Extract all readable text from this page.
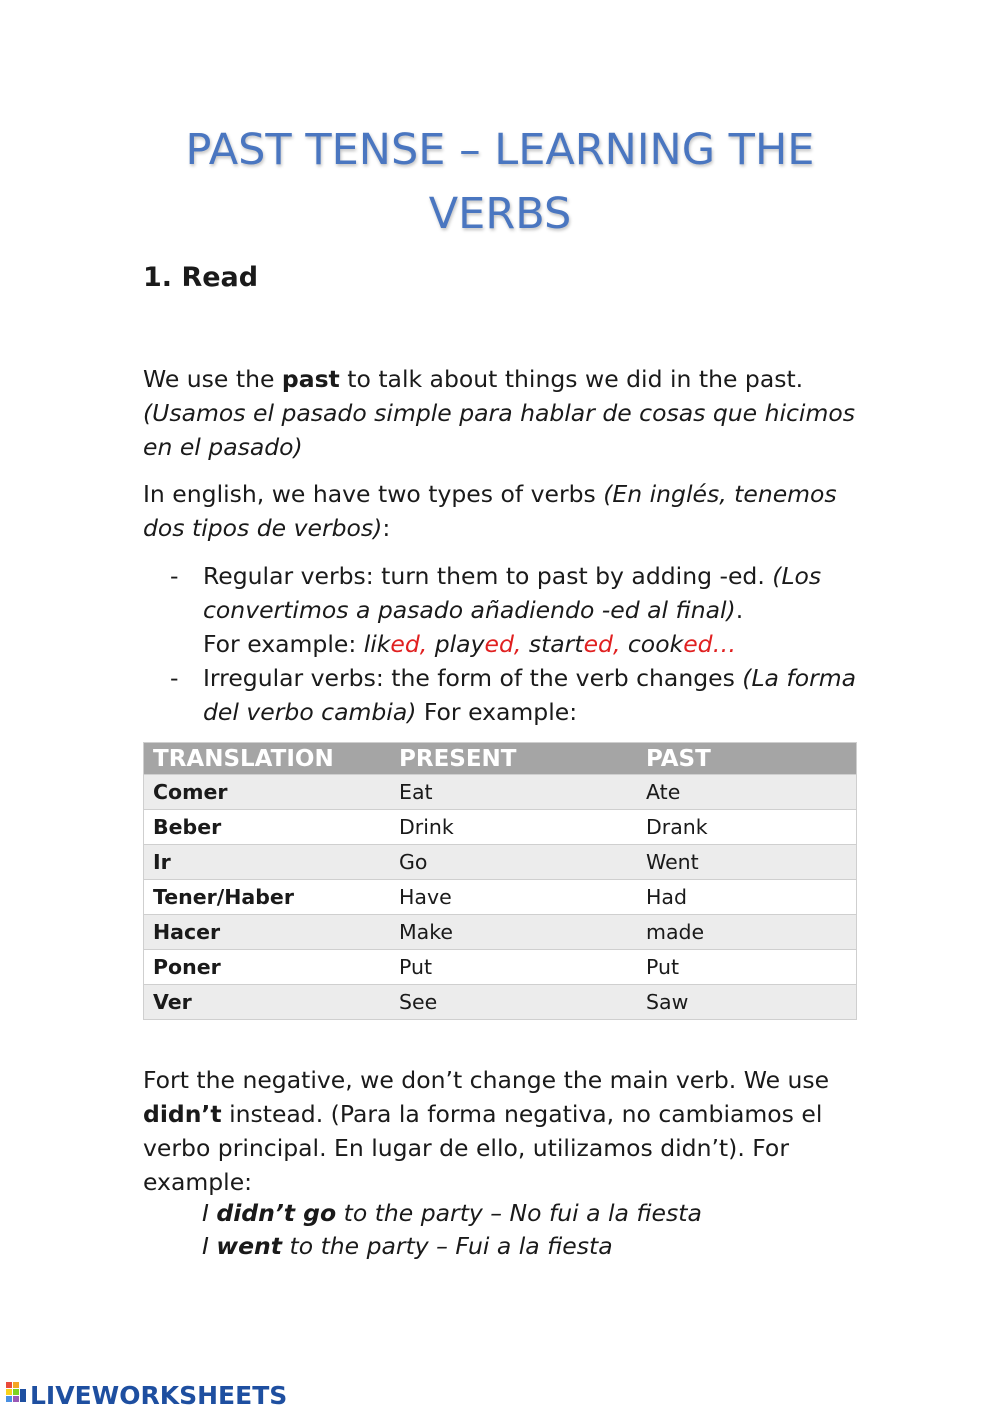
PAST TENSE – LEARNING THE
VERBS
1. Read
We use the past to talk about things we did in the past. (Usamos el pasado simple para hablar de cosas que hicimos en el pasado)
In english, we have two types of verbs (En inglés, tenemos dos tipos de verbos):
- Regular verbs: turn them to past by adding -ed. (Los convertimos a pasado añadiendo -ed al final).
For example: liked, played, started, cooked…
- Irregular verbs: the form of the verb changes (La forma del verbo cambia) For example:
TRANSLATION	PRESENT	PAST
Comer	Eat	Ate
Beber	Drink	Drank
Ir	Go	Went
Tener/Haber	Have	Had
Hacer	Make	made
Poner	Put	Put
Ver	See	Saw
Fort the negative, we don’t change the main verb. We use didn’t instead. (Para la forma negativa, no cambiamos el verbo principal. En lugar de ello, utilizamos didn’t). For example:
I didn’t go to the party – No fui a la fiesta
I went to the party – Fui a la fiesta
LIVEWORKSHEETS
